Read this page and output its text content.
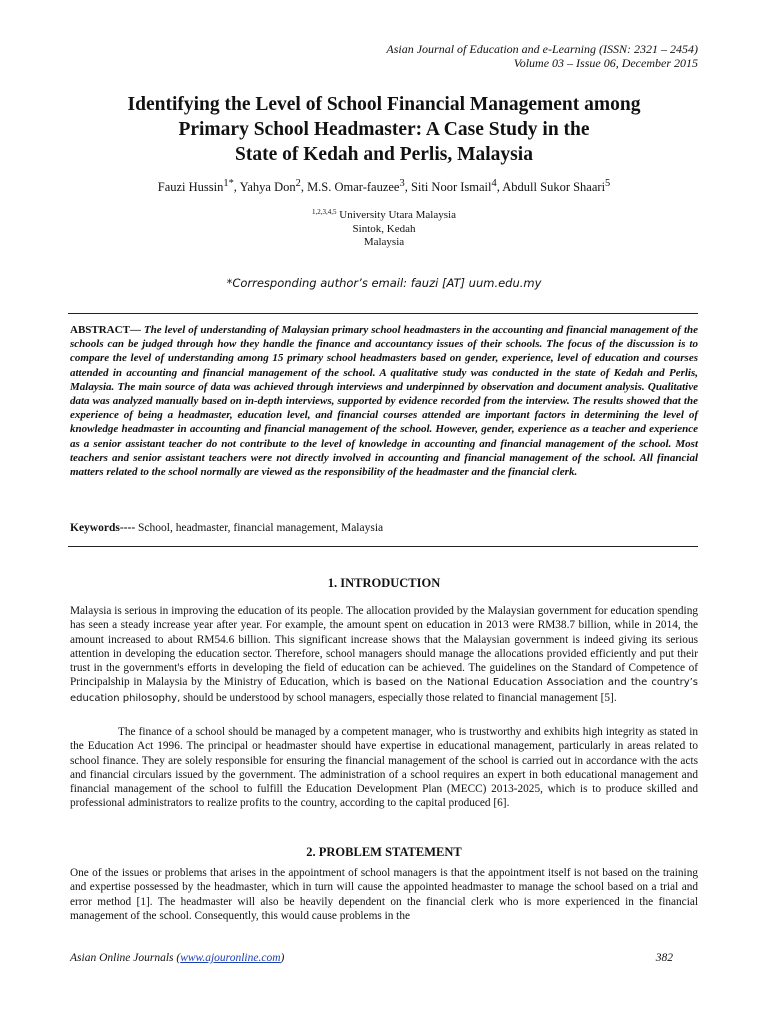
Asian Journal of Education and e-Learning (ISSN: 2321 – 2454)
Volume 03 – Issue 06, December 2015
Identifying the Level of School Financial Management among
Primary School Headmaster: A Case Study in the
State of Kedah and Perlis, Malaysia
Fauzi Hussin$^{1*}$, Yahya Don$^2$, M.S. Omar-fauzee$^3$, Siti Noor Ismail$^4$, Abdull Sukor Shaari$^5$
$^{1,2,3,4,5}$ University Utara Malaysia
Sintok, Kedah
Malaysia
*Corresponding author’s email: fauzi [AT] uum.edu.my
ABSTRACT— The level of understanding of Malaysian primary school headmasters in the accounting and financial management of the schools can be judged through how they handle the finance and accountancy issues of their schools. The focus of the discussion is to compare the level of understanding among 15 primary school headmasters based on gender, experience, level of education and courses attended in accounting and financial management of the school. A qualitative study was conducted in the state of Kedah and Perlis, Malaysia. The main source of data was achieved through interviews and underpinned by observation and document analysis. Qualitative data was analyzed manually based on in-depth interviews, supported by evidence recorded from the interview. The results showed that the experience of being a headmaster, education level, and financial courses attended are important factors in determining the level of knowledge headmaster in accounting and financial management of the school. However, gender, experience as a teacher and experience as a senior assistant teacher do not contribute to the level of knowledge in accounting and financial management of the school. Most teachers and senior assistant teachers were not directly involved in accounting and financial management of the school. All financial matters related to the school normally are viewed as the responsibility of the headmaster and the financial clerk.
Keywords---- School, headmaster, financial management, Malaysia
1. INTRODUCTION

Malaysia is serious in improving the education of its people. The allocation provided by the Malaysian government for education spending has seen a steady increase year after year. For example, the amount spent on education in 2013 were RM38.7 billion, while in 2014, the amount increased to about RM54.6 billion. This significant increase shows that the Malaysian government is indeed giving its serious attention in developing the education sector. Therefore, school managers should manage the allocations provided efficiently and put their trust in the government's efforts in developing the field of education can be achieved. The guidelines on the Standard of Competence of Principalship in Malaysia by the Ministry of Education, which is based on the National Education Association and the country’s education philosophy, should be understood by school managers, especially those related to financial management [5].

The finance of a school should be managed by a competent manager, who is trustworthy and exhibits high integrity as stated in the Education Act 1996. The principal or headmaster should have expertise in educational management, particularly in areas related to school finance. They are solely responsible for ensuring the financial management of the school is carried out in accordance with the acts and financial circulars issued by the government. The administration of a school requires an expert in both educational management and financial management of the school to fulfill the Education Development Plan (MECC) 2013-2025, which is to produce skilled and professional administrators to realize profits to the country, according to the capital produced [6].

2. PROBLEM STATEMENT

One of the issues or problems that arises in the appointment of school managers is that the appointment itself is not based on the training and expertise possessed by the headmaster, which in turn will cause the appointed headmaster to manage the school based on a trial and error method [1]. The headmaster will also be heavily dependent on the financial clerk who is more experienced in the financial management of the school. Consequently, this would cause problems in the

Asian Online Journals (www.ajouronline.com)	382
